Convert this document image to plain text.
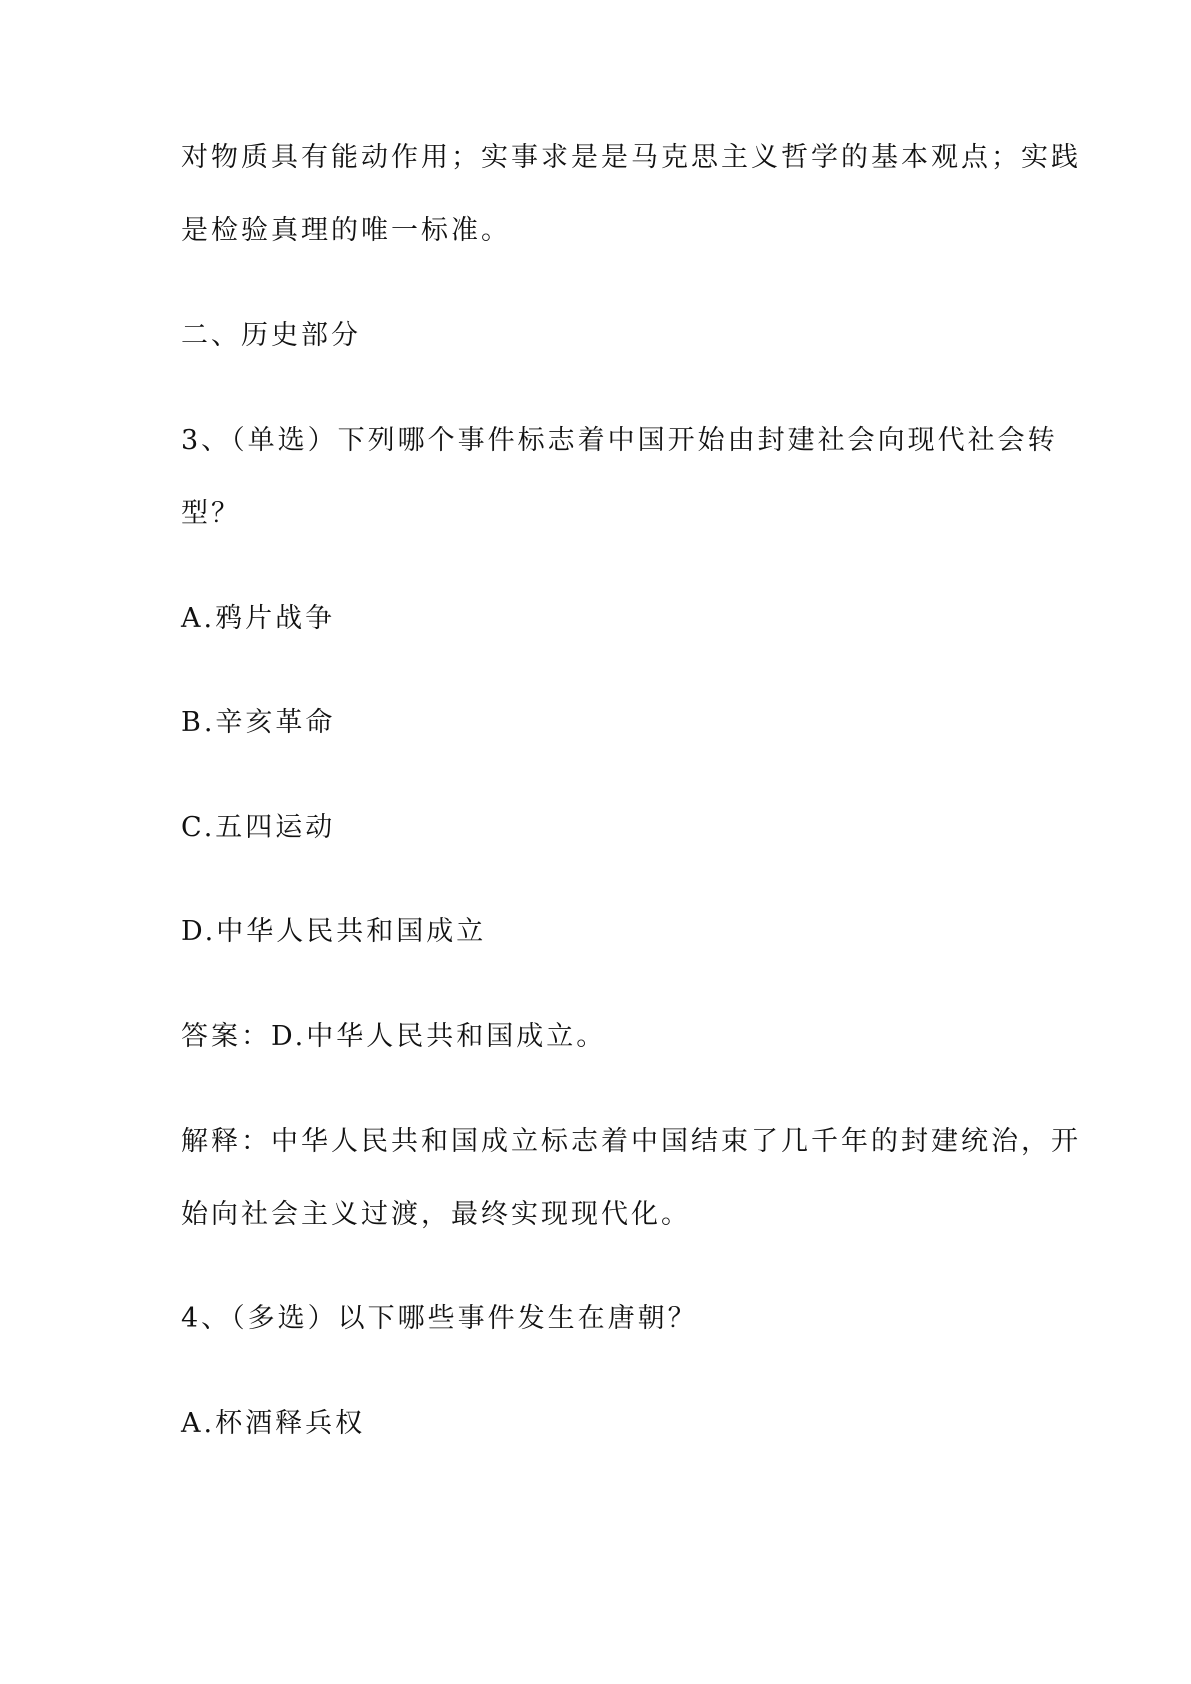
对物质具有能动作用；实事求是是马克思主义哲学的基本观点；实践

是检验真理的唯一标准。

二、历史部分

3、（单选）下列哪个事件标志着中国开始由封建社会向现代社会转

型？

A.鸦片战争

B.辛亥革命

C.五四运动

D.中华人民共和国成立

答案：D.中华人民共和国成立。

解释：中华人民共和国成立标志着中国结束了几千年的封建统治，开

始向社会主义过渡，最终实现现代化。

4、（多选）以下哪些事件发生在唐朝？

A.杯酒释兵权
